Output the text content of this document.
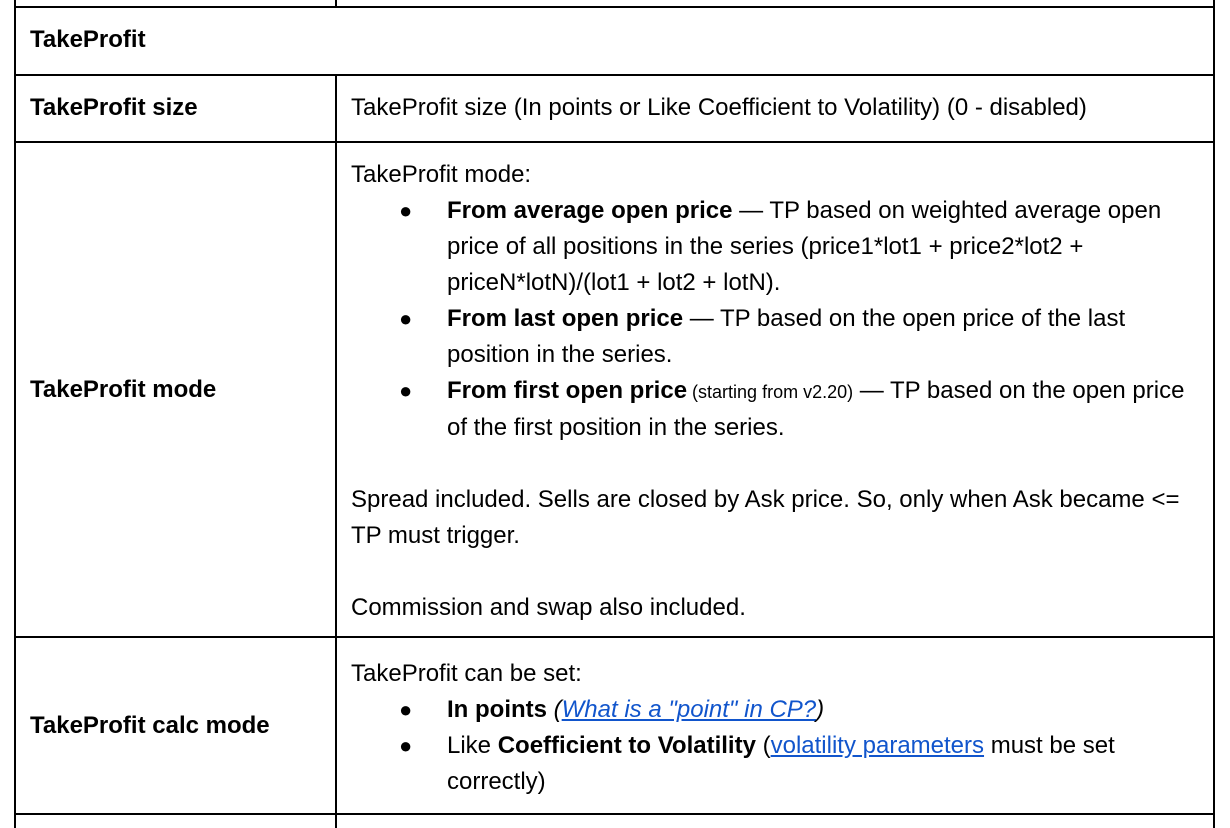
TakeProfit
TakeProfit size	TakeProfit size (In points or Like Coefficient to Volatility) (0 - disabled)
TakeProfit mode

TakeProfit mode:

● From average open price — TP based on weighted average open price of all positions in the series (price1*lot1 + price2*lot2 + priceN*lotN)/(lot1 + lot2 + lotN).
● From last open price — TP based on the open price of the last position in the series.
● From first open price (starting from v2.20) — TP based on the open price of the first position in the series.

Spread included. Sells are closed by Ask price. So, only when Ask became <= TP must trigger.

Commission and swap also included.

TakeProfit calc mode

TakeProfit can be set:

● In points (What is a "point" in CP?)
● Like Coefficient to Volatility (volatility parameters must be set correctly)
